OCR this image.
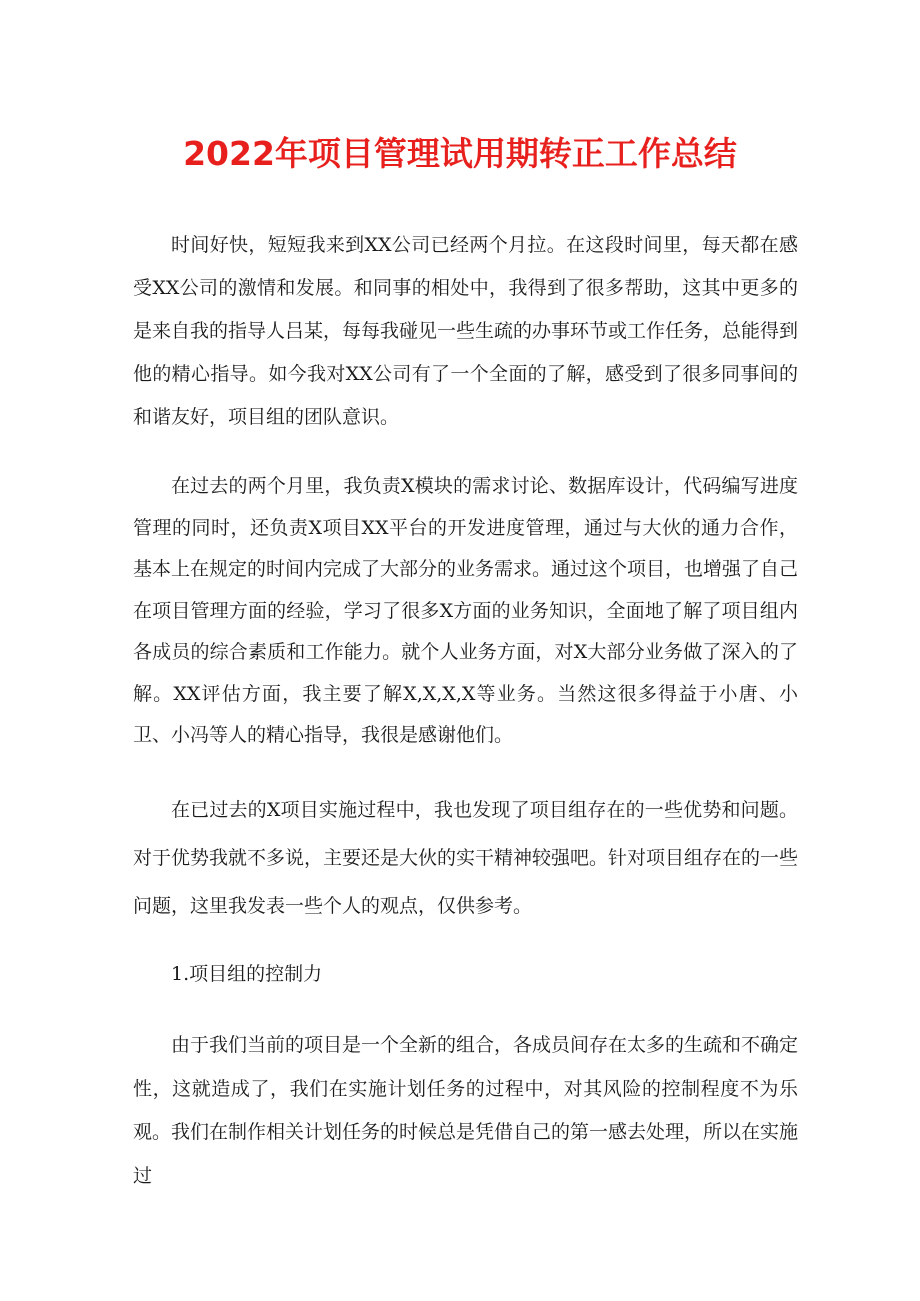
2022年项目管理试用期转正工作总结

时间好快，短短我来到XX公司已经两个月拉。在这段时间里，每天都在感受XX公司的激情和发展。和同事的相处中，我得到了很多帮助，这其中更多的是来自我的指导人吕某，每每我碰见一些生疏的办事环节或工作任务，总能得到他的精心指导。如今我对XX公司有了一个全面的了解，感受到了很多同事间的和谐友好，项目组的团队意识。

在过去的两个月里，我负责X模块的需求讨论、数据库设计，代码编写进度管理的同时，还负责X项目XX平台的开发进度管理，通过与大伙的通力合作，基本上在规定的时间内完成了大部分的业务需求。通过这个项目，也增强了自己在项目管理方面的经验，学习了很多X方面的业务知识，全面地了解了项目组内各成员的综合素质和工作能力。就个人业务方面，对X大部分业务做了深入的了解。XX评估方面，我主要了解X,X,X,X等业务。当然这很多得益于小唐、小卫、小冯等人的精心指导，我很是感谢他们。

在已过去的X项目实施过程中，我也发现了项目组存在的一些优势和问题。对于优势我就不多说，主要还是大伙的实干精神较强吧。针对项目组存在的一些问题，这里我发表一些个人的观点，仅供参考。

1.项目组的控制力

由于我们当前的项目是一个全新的组合，各成员间存在太多的生疏和不确定性，这就造成了，我们在实施计划任务的过程中，对其风险的控制程度不为乐观。我们在制作相关计划任务的时候总是凭借自己的第一感去处理，所以在实施过
